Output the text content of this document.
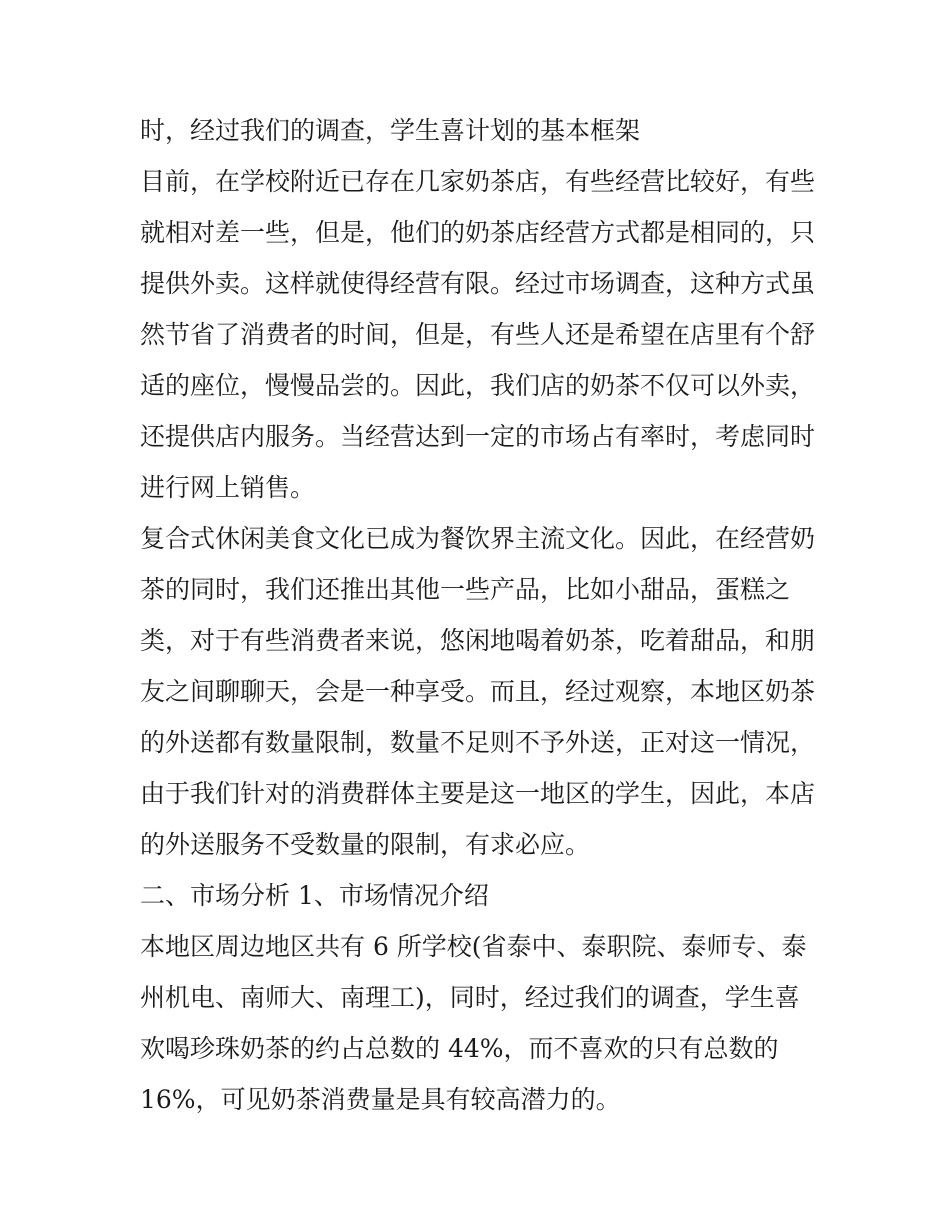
时，经过我们的调查，学生喜计划的基本框架
目前，在学校附近已存在几家奶茶店，有些经营比较好，有些
就相对差一些，但是，他们的奶茶店经营方式都是相同的，只
提供外卖。这样就使得经营有限。经过市场调查，这种方式虽
然节省了消费者的时间，但是，有些人还是希望在店里有个舒
适的座位，慢慢品尝的。因此，我们店的奶茶不仅可以外卖，
还提供店内服务。当经营达到一定的市场占有率时，考虑同时
进行网上销售。
复合式休闲美食文化已成为餐饮界主流文化。因此，在经营奶
茶的同时，我们还推出其他一些产品，比如小甜品，蛋糕之
类，对于有些消费者来说，悠闲地喝着奶茶，吃着甜品，和朋
友之间聊聊天，会是一种享受。而且，经过观察，本地区奶茶
的外送都有数量限制，数量不足则不予外送，正对这一情况，
由于我们针对的消费群体主要是这一地区的学生，因此，本店
的外送服务不受数量的限制，有求必应。
二、市场分析 1、市场情况介绍
本地区周边地区共有 6 所学校(省泰中、泰职院、泰师专、泰
州机电、南师大、南理工)，同时，经过我们的调查，学生喜
欢喝珍珠奶茶的约占总数的 44%，而不喜欢的只有总数的
16%，可见奶茶消费量是具有较高潜力的。
